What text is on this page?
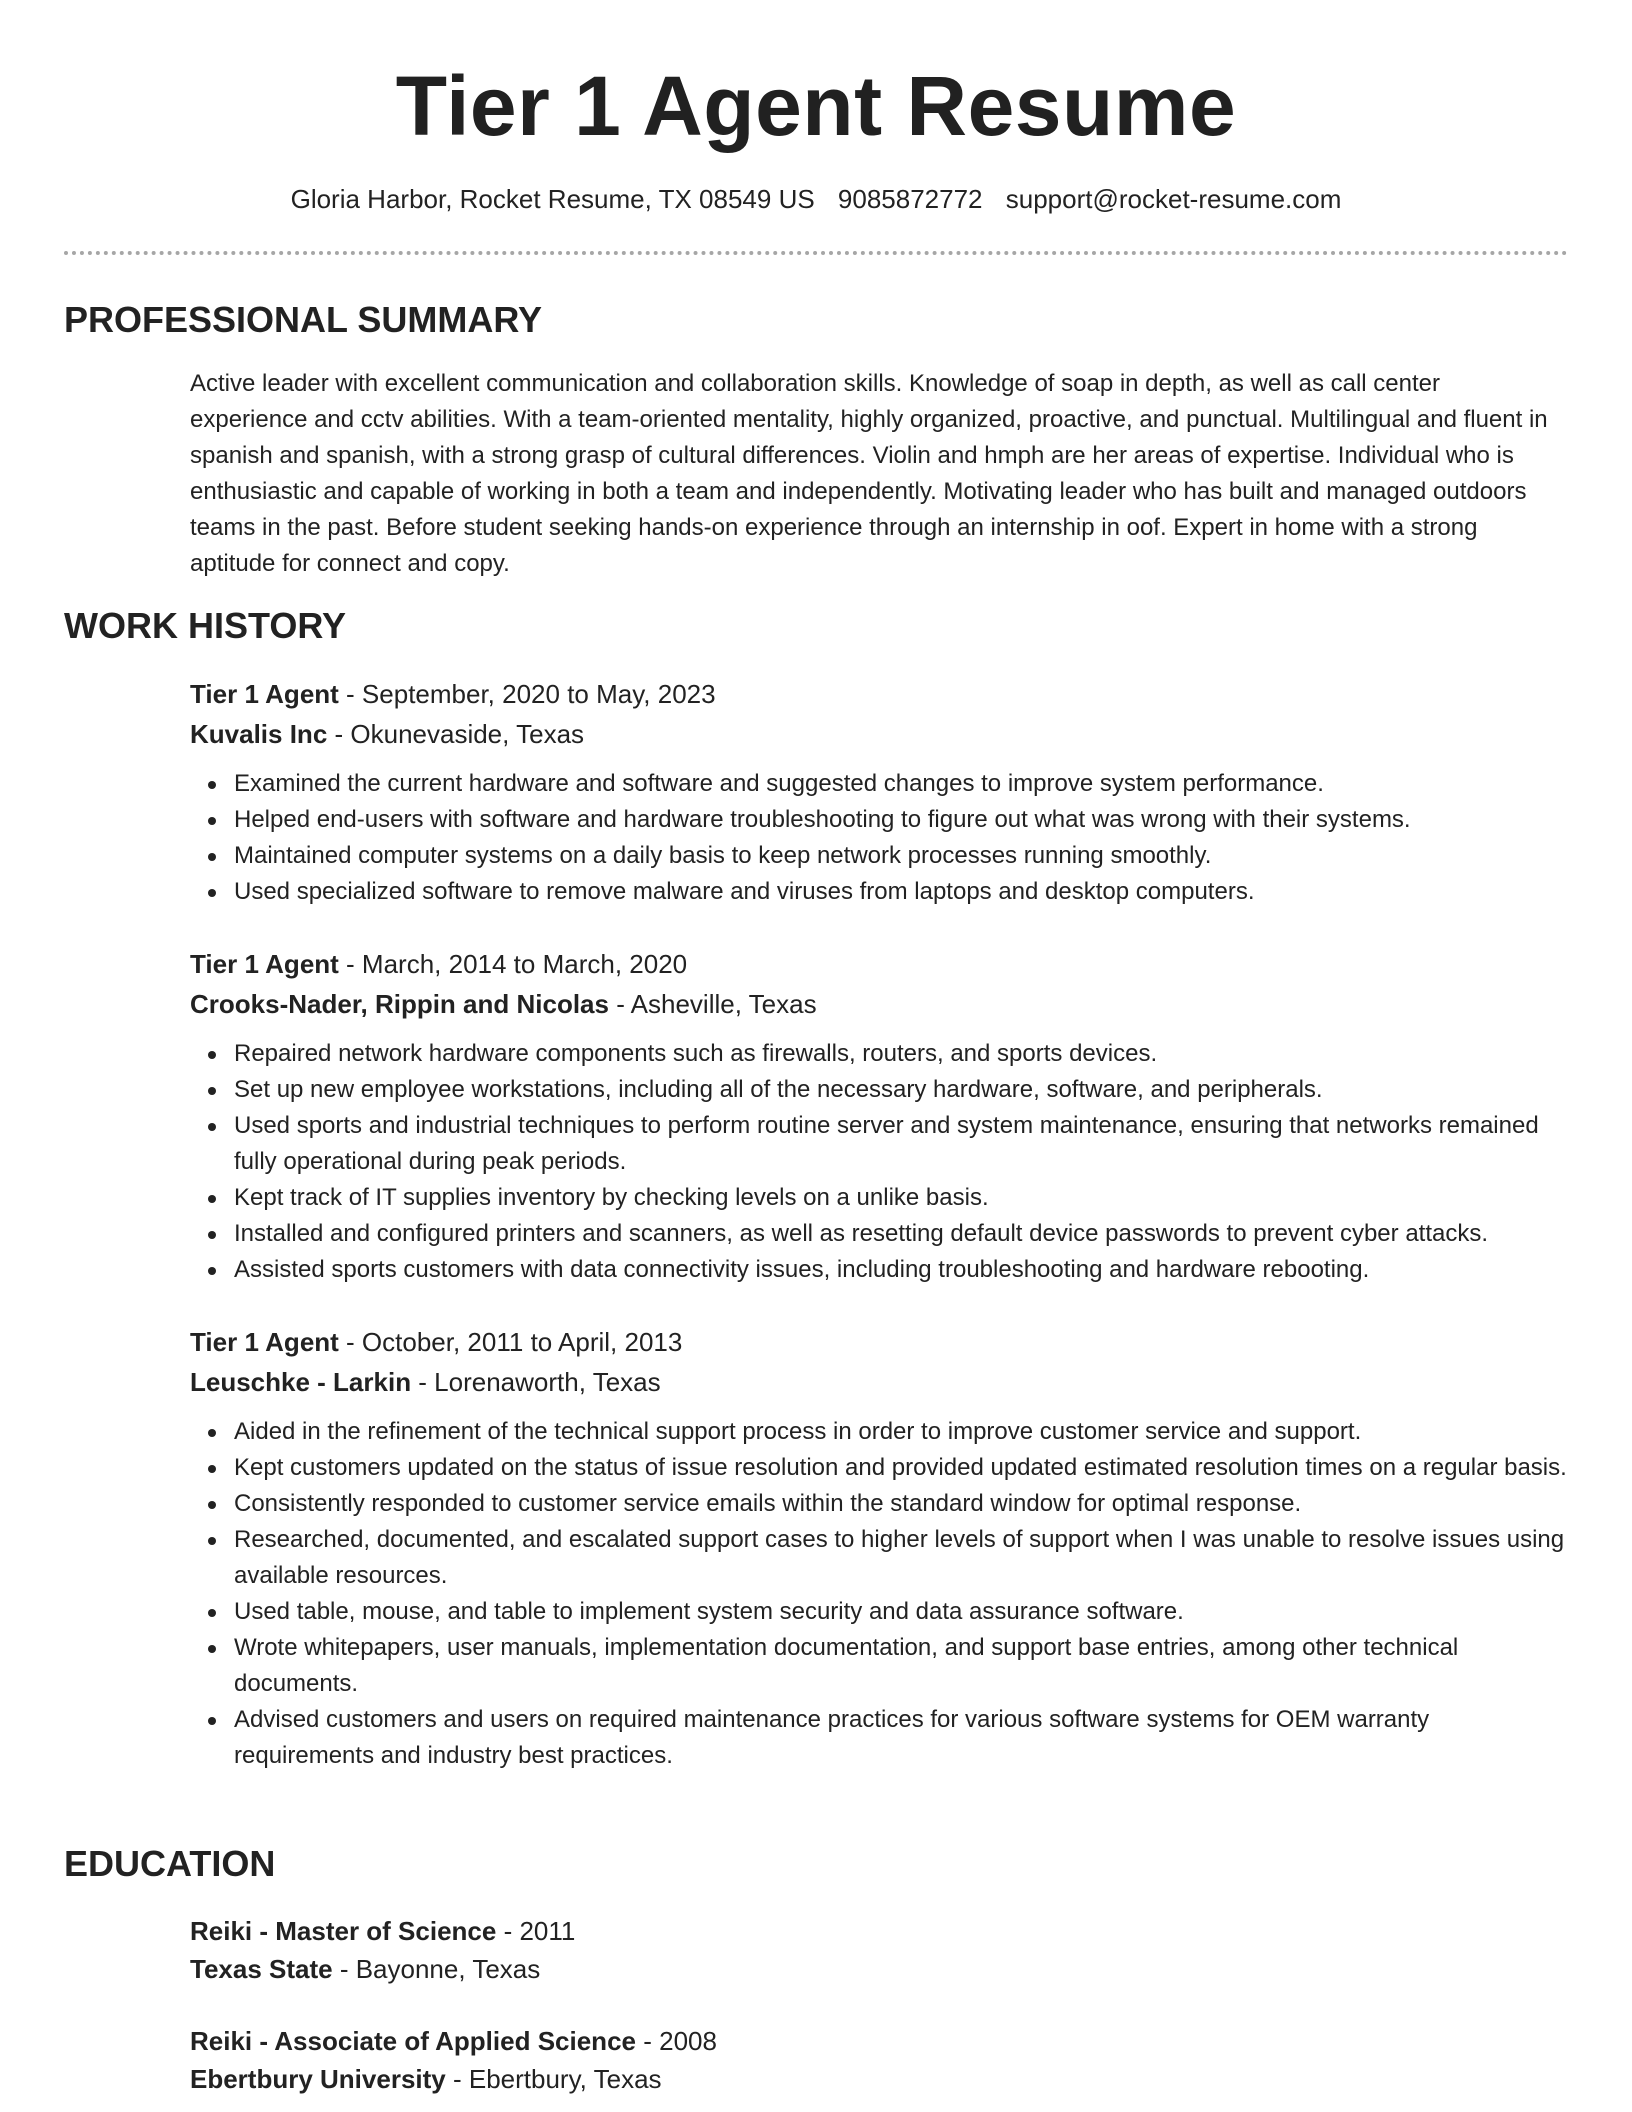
Tier 1 Agent Resume
Gloria Harbor, Rocket Resume, TX 08549 US 9085872772 support@rocket-resume.com
PROFESSIONAL SUMMARY

Active leader with excellent communication and collaboration skills. Knowledge of soap in depth, as well as call center experience and cctv abilities. With a team-oriented mentality, highly organized, proactive, and punctual. Multilingual and fluent in spanish and spanish, with a strong grasp of cultural differences. Violin and hmph are her areas of expertise. Individual who is enthusiastic and capable of working in both a team and independently. Motivating leader who has built and managed outdoors teams in the past. Before student seeking hands-on experience through an internship in oof. Expert in home with a strong aptitude for connect and copy.

WORK HISTORY
Tier 1 Agent - September, 2020 to May, 2023
Kuvalis Inc - Okunevaside, Texas
Examined the current hardware and software and suggested changes to improve system performance.
Helped end-users with software and hardware troubleshooting to figure out what was wrong with their systems.
Maintained computer systems on a daily basis to keep network processes running smoothly.
Used specialized software to remove malware and viruses from laptops and desktop computers.
Tier 1 Agent - March, 2014 to March, 2020
Crooks-Nader, Rippin and Nicolas - Asheville, Texas
Repaired network hardware components such as firewalls, routers, and sports devices.
Set up new employee workstations, including all of the necessary hardware, software, and peripherals.
Used sports and industrial techniques to perform routine server and system maintenance, ensuring that networks remained fully operational during peak periods.
Kept track of IT supplies inventory by checking levels on a unlike basis.
Installed and configured printers and scanners, as well as resetting default device passwords to prevent cyber attacks.
Assisted sports customers with data connectivity issues, including troubleshooting and hardware rebooting.
Tier 1 Agent - October, 2011 to April, 2013
Leuschke - Larkin - Lorenaworth, Texas
Aided in the refinement of the technical support process in order to improve customer service and support.
Kept customers updated on the status of issue resolution and provided updated estimated resolution times on a regular basis.
Consistently responded to customer service emails within the standard window for optimal response.
Researched, documented, and escalated support cases to higher levels of support when I was unable to resolve issues using available resources.
Used table, mouse, and table to implement system security and data assurance software.
Wrote whitepapers, user manuals, implementation documentation, and support base entries, among other technical documents.
Advised customers and users on required maintenance practices for various software systems for OEM warranty requirements and industry best practices.
EDUCATION
Reiki - Master of Science - 2011
Texas State - Bayonne, Texas
Reiki - Associate of Applied Science - 2008
Ebertbury University - Ebertbury, Texas
